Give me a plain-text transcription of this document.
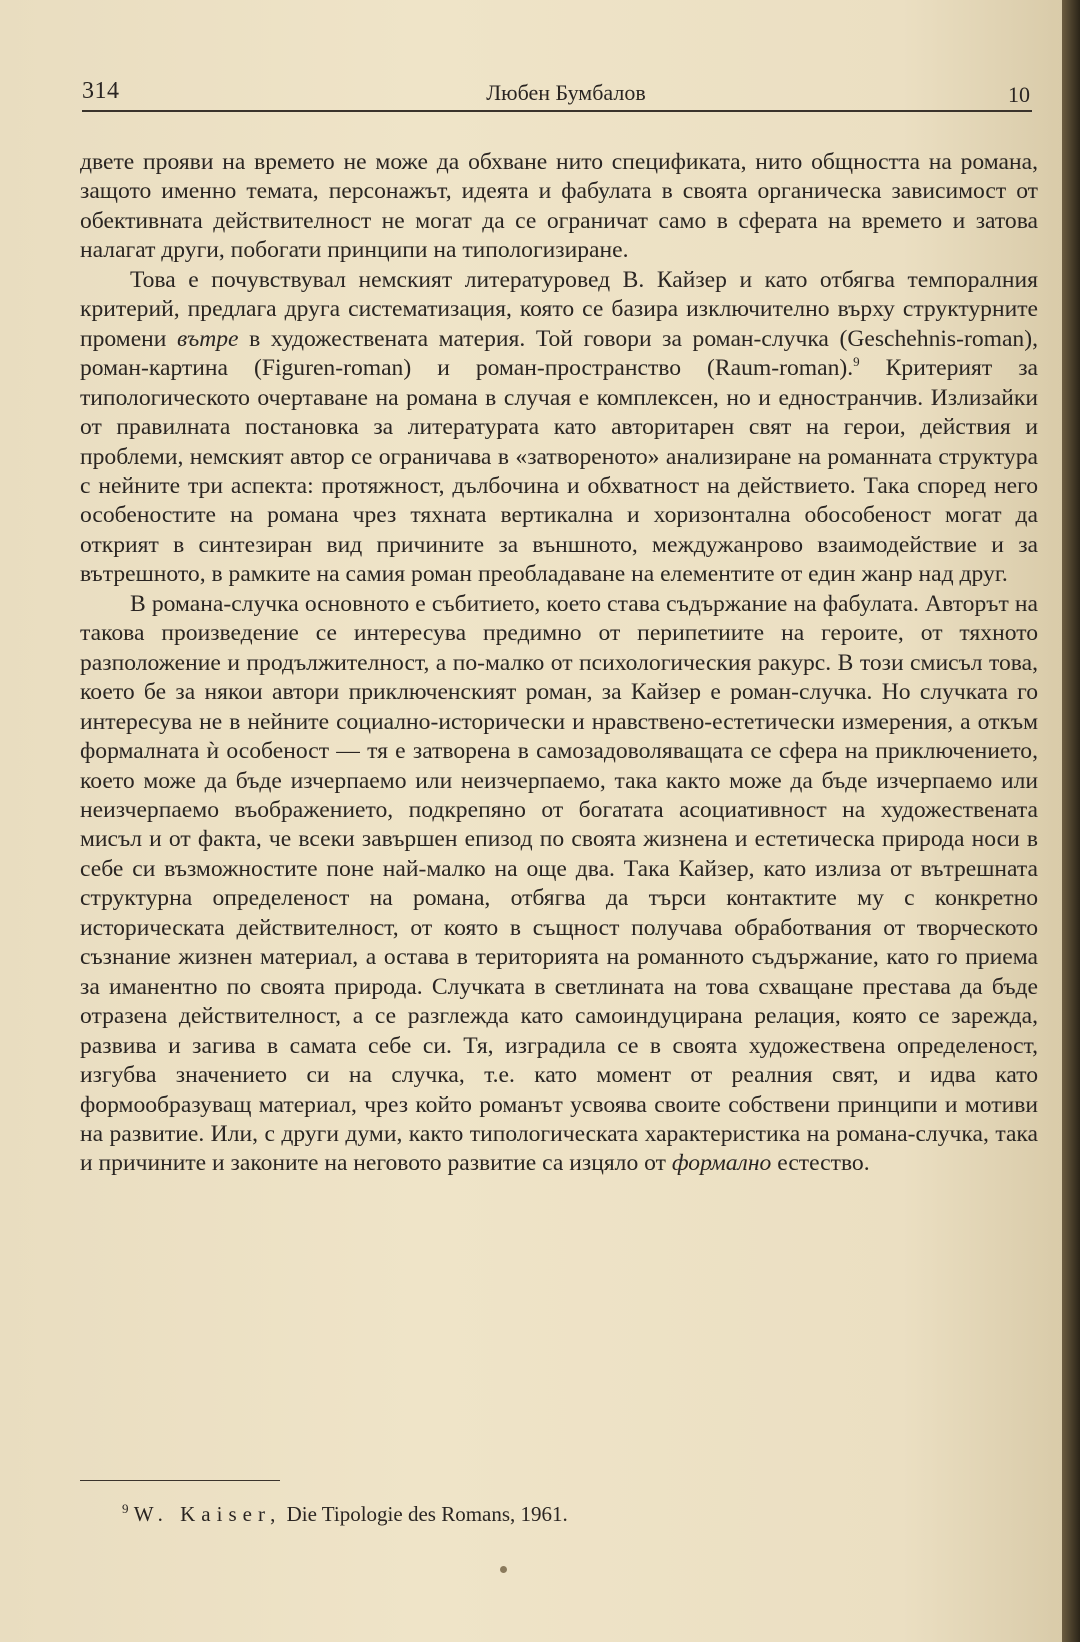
314	Любен Бумбалов	10

двете прояви на времето не може да обхване нито спецификата, нито общността на романа, защото именно темата, персонажът, идеята и фабулата в своята органическа зависимост от обективната действителност не могат да се ограничат само в сферата на времето и затова налагат други, побогати принципи на типологизиране.

Това е почувствувал немският литературовед В. Кайзер и като отбягва темпоралния критерий, предлага друга систематизация, която се базира изключително върху структурните промени вътре в художествената материя. Той говори за роман-случка (Geschehnis-roman), роман-картина (Figuren-roman) и роман-пространство (Raum-roman).$^9$ Критерият за типологическото очертаване на романа в случая е комплексен, но и едностранчив. Излизайки от правилната постановка за литературата като авторитарен свят на герои, действия и проблеми, немският автор се ограничава в «затвореното» анализиране на романната структура с нейните три аспекта: протяжност, дълбочина и обхватност на действието. Така според него особеностите на романа чрез тяхната вертикална и хоризонтална обособеност могат да открият в синтезиран вид причините за външното, междужанрово взаимодействие и за вътрешното, в рамките на самия роман преобладаване на елементите от един жанр над друг.

В романа-случка основното е събитието, което става съдържание на фабулата. Авторът на такова произведение се интересува предимно от перипетиите на героите, от тяхното разположение и продължителност, а по-малко от психологическия ракурс. В този смисъл това, което бе за някои автори приключенският роман, за Кайзер е роман-случка. Но случката го интересува не в нейните социално-исторически и нравствено-естетически измерения, а откъм формалната ѝ особеност — тя е затворена в самозадоволяващата се сфера на приключението, което може да бъде изчерпаемо или неизчерпаемо, така както може да бъде изчерпаемо или неизчерпаемо въображението, подкрепяно от богатата асоциативност на художествената мисъл и от факта, че всеки завършен епизод по своята жизнена и естетическа природа носи в себе си възможностите поне най-малко на още два. Така Кайзер, като излиза от вътрешната структурна определеност на романа, отбягва да търси контактите му с конкретно историческата действителност, от която в същност получава обработвания от творческото съзнание жизнен материал, а остава в територията на романното съдържание, като го приема за иманентно по своята природа. Случката в светлината на това схващане престава да бъде отразена действителност, а се разглежда като самоиндуцирана релация, която се зарежда, развива и загива в самата себе си. Тя, изградила се в своята художествена определеност, изгубва значението си на случка, т.е. като момент от реалния свят, и идва като формообразуващ материал, чрез който романът усвоява своите собствени принципи и мотиви на развитие. Или, с други думи, както типологическата характеристика на романа-случка, така и причините и законите на неговото развитие са изцяло от формално естество.

$^9$ W. Kaiser, Die Tipologie des Romans, 1961.
